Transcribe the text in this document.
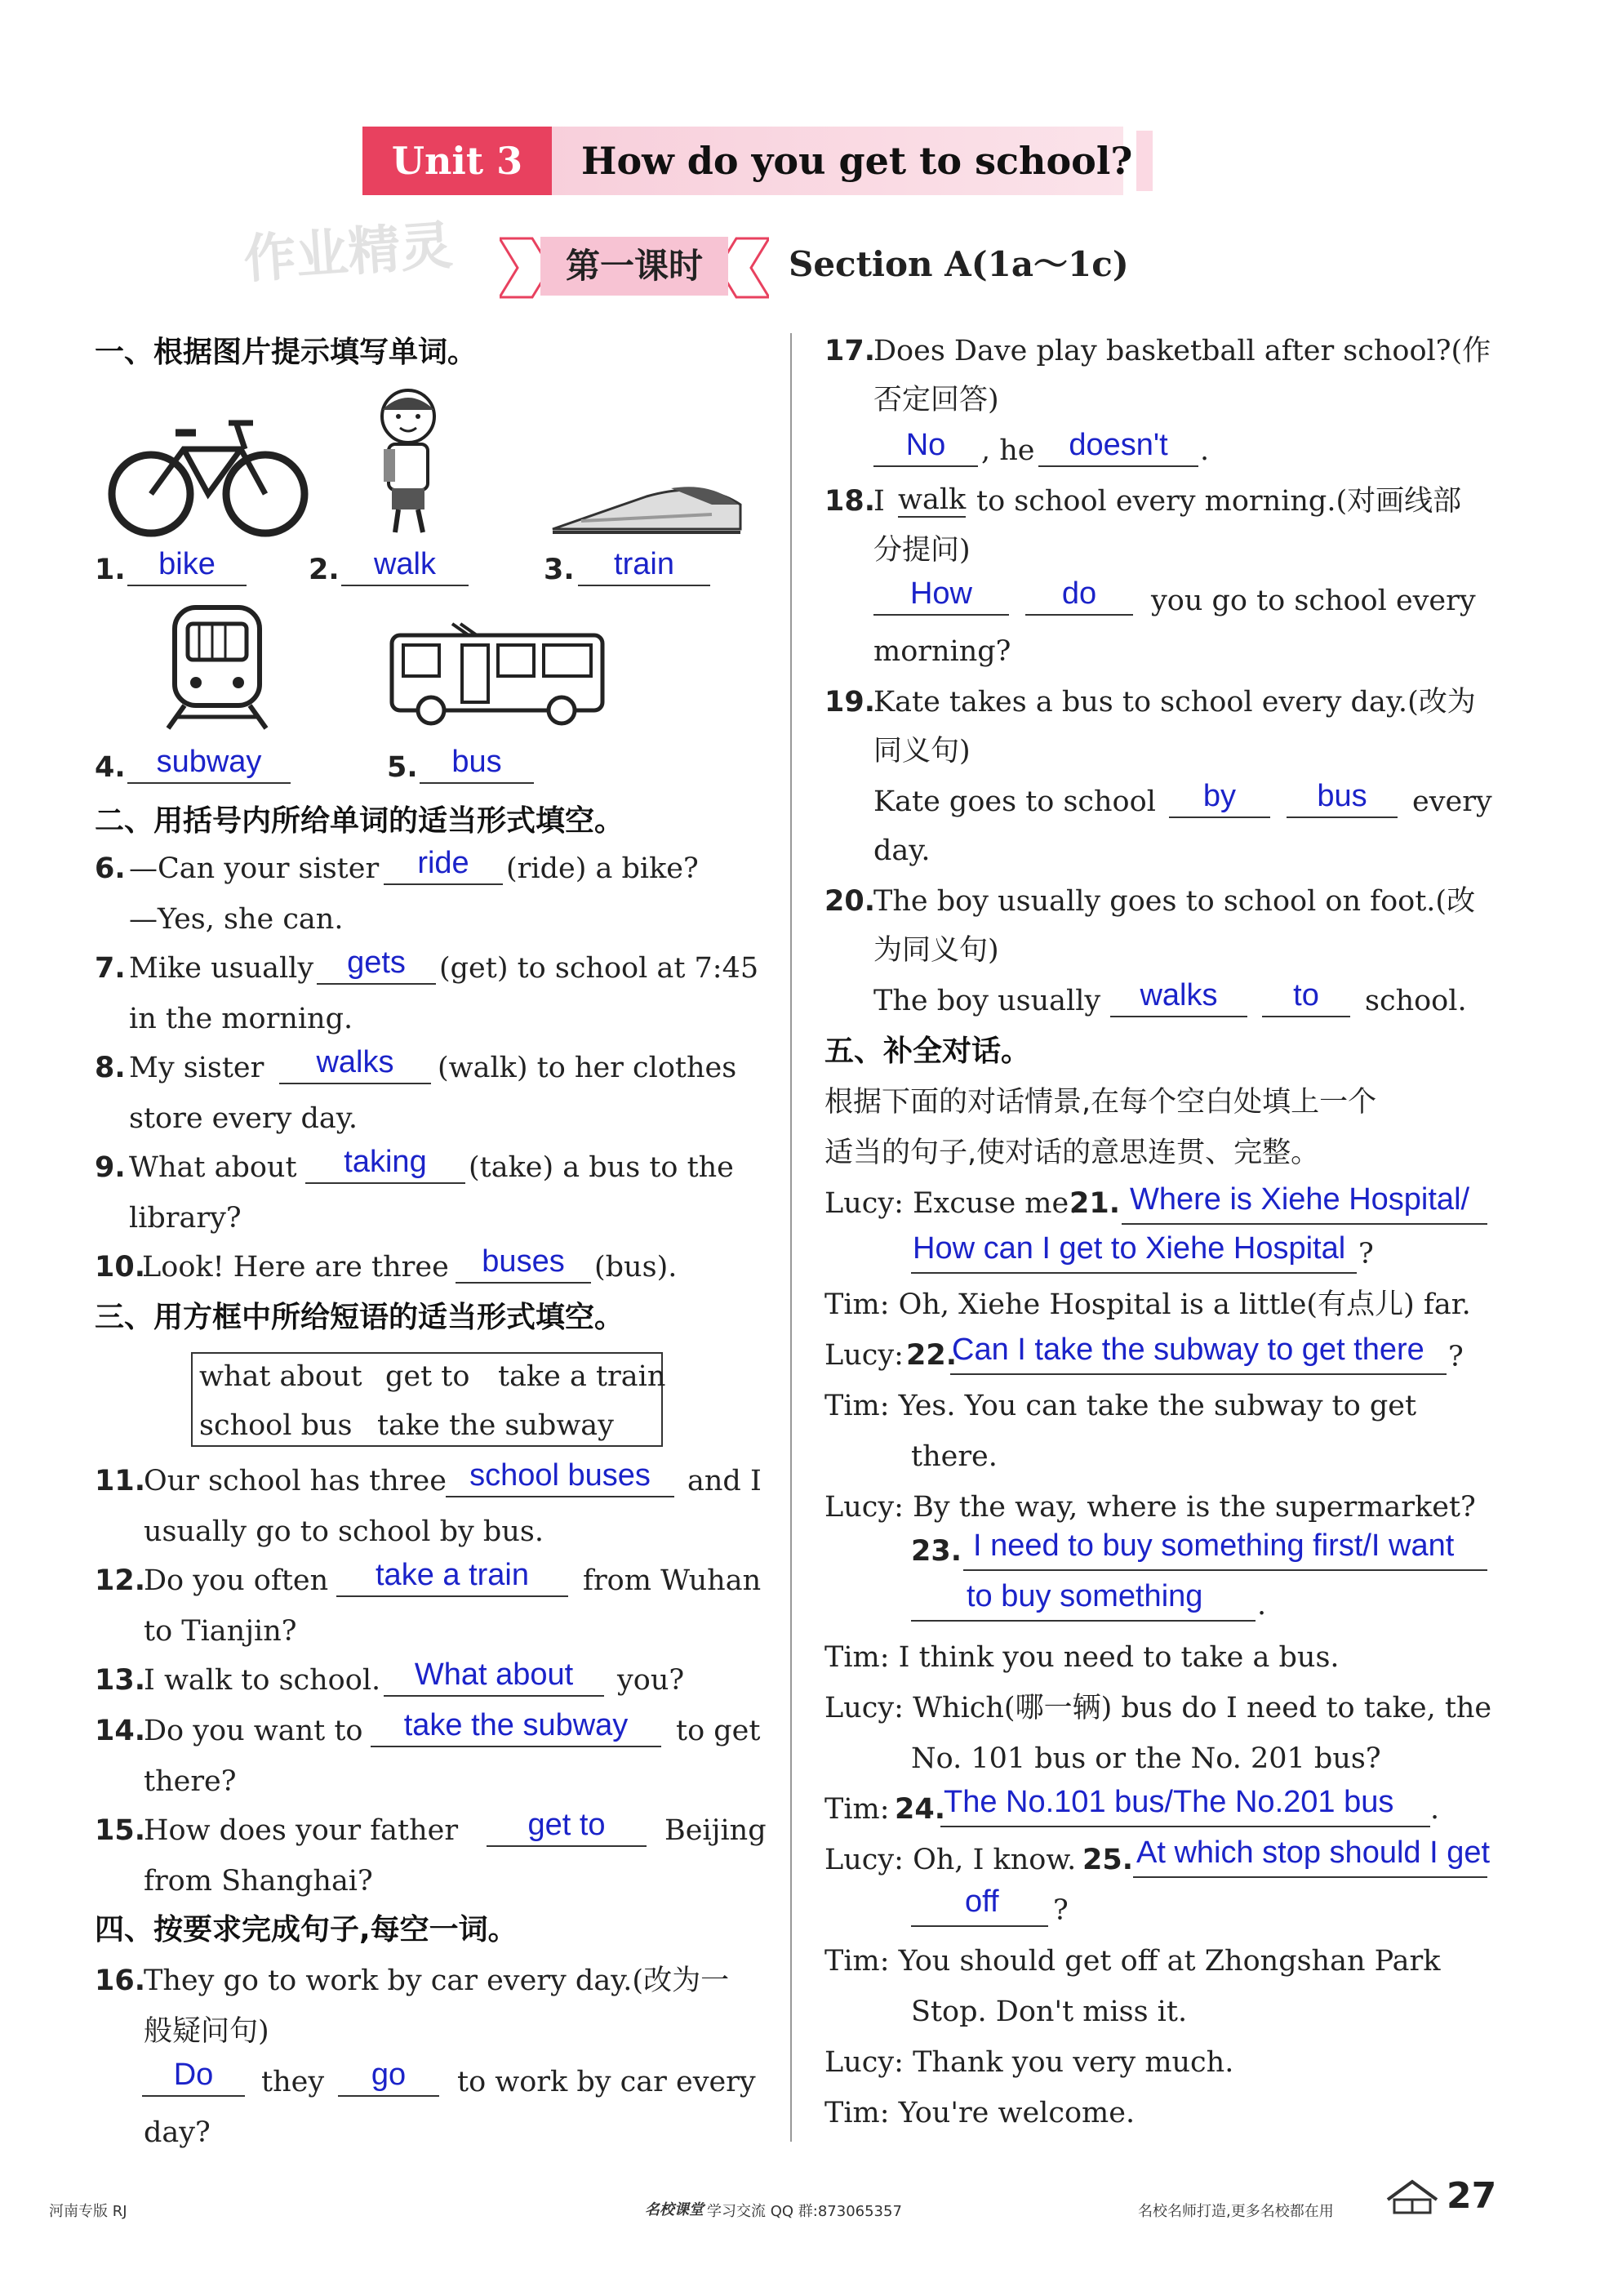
Unit 3	How do you get to school?
作业精灵	第一课时	Section A(1a～1c)
一、根据图片提示填写单词。
1.	bike	2.	walk	3.	train
4. subway	5.	bus
二、用括号内所给单词的适当形式填空。
6. —Can your sister	ride	(ride) a bike?
—Yes, she can.
7. Mike usually	gets	(get) to school at 7:45
in the morning.
8. My sister	walks	(walk) to her clothes
store every day.
9. What about	taking	(take) a bus to the
library?
10.
Look! Here are three	buses	(bus).
三、用方框中所给短语的适当形式填空。
what about get to take a train
school bus take the subway
11.
Our school has three school buses	and I
usually go to school by bus.
12.
Do you often	take a train	from Wuhan
to Tianjin?
13.
I walk to school.	What about	you?
14.
Do you want to	take the subway	to get
there?
15.
How does your father	get to	Beijing
from Shanghai?
四、按要求完成句子,每空一词。
16.
They go to work by car every day.(改为一
般疑问句)
Do	they	go	to work by car every
day?
17.
Does Dave play basketball after school?(作
否定回答)
No	, he	doesn't	.
18.
I walk to school every morning.(对画线部
分提问)
How	do	you go to school every
morning?
19.
Kate takes a bus to school every day.(改为
同义句)
Kate goes to school	by	bus	every
day.
20.
The boy usually goes to school on foot.(改
为同义句)
The boy usually	walks	to	school.
五、补全对话。
根据下面的对话情景,在每个空白处填上一个
适当的句子,使对话的意思连贯、完整。
Lucy: Excuse me.
21. Where is Xiehe Hospital/
How can I get to Xiehe Hospital ?
Tim: Oh, Xiehe Hospital is a little(有点儿) far.
Lucy: 22.
Can I take the subway to get there ?
Tim: Yes. You can take the subway to get
there.
Lucy: By the way, where is the supermarket?
23. I need to buy something first/I want
to buy something .
Tim: I think you need to take a bus.
Lucy: Which(哪一辆) bus do I need to take, the
No. 101 bus or the No. 201 bus?
Tim: 24.
The No.101 bus/The No.201 bus .
Lucy: Oh, I know. 25. At which stop should I get
off ?
Tim: You should get off at Zhongshan Park
Stop. Don't miss it.
Lucy: Thank you very much.
Tim: You're welcome.
河南专版 RJ	名校课堂 学习交流 QQ 群:873065357	名校名师打造,更多名校都在用	27
